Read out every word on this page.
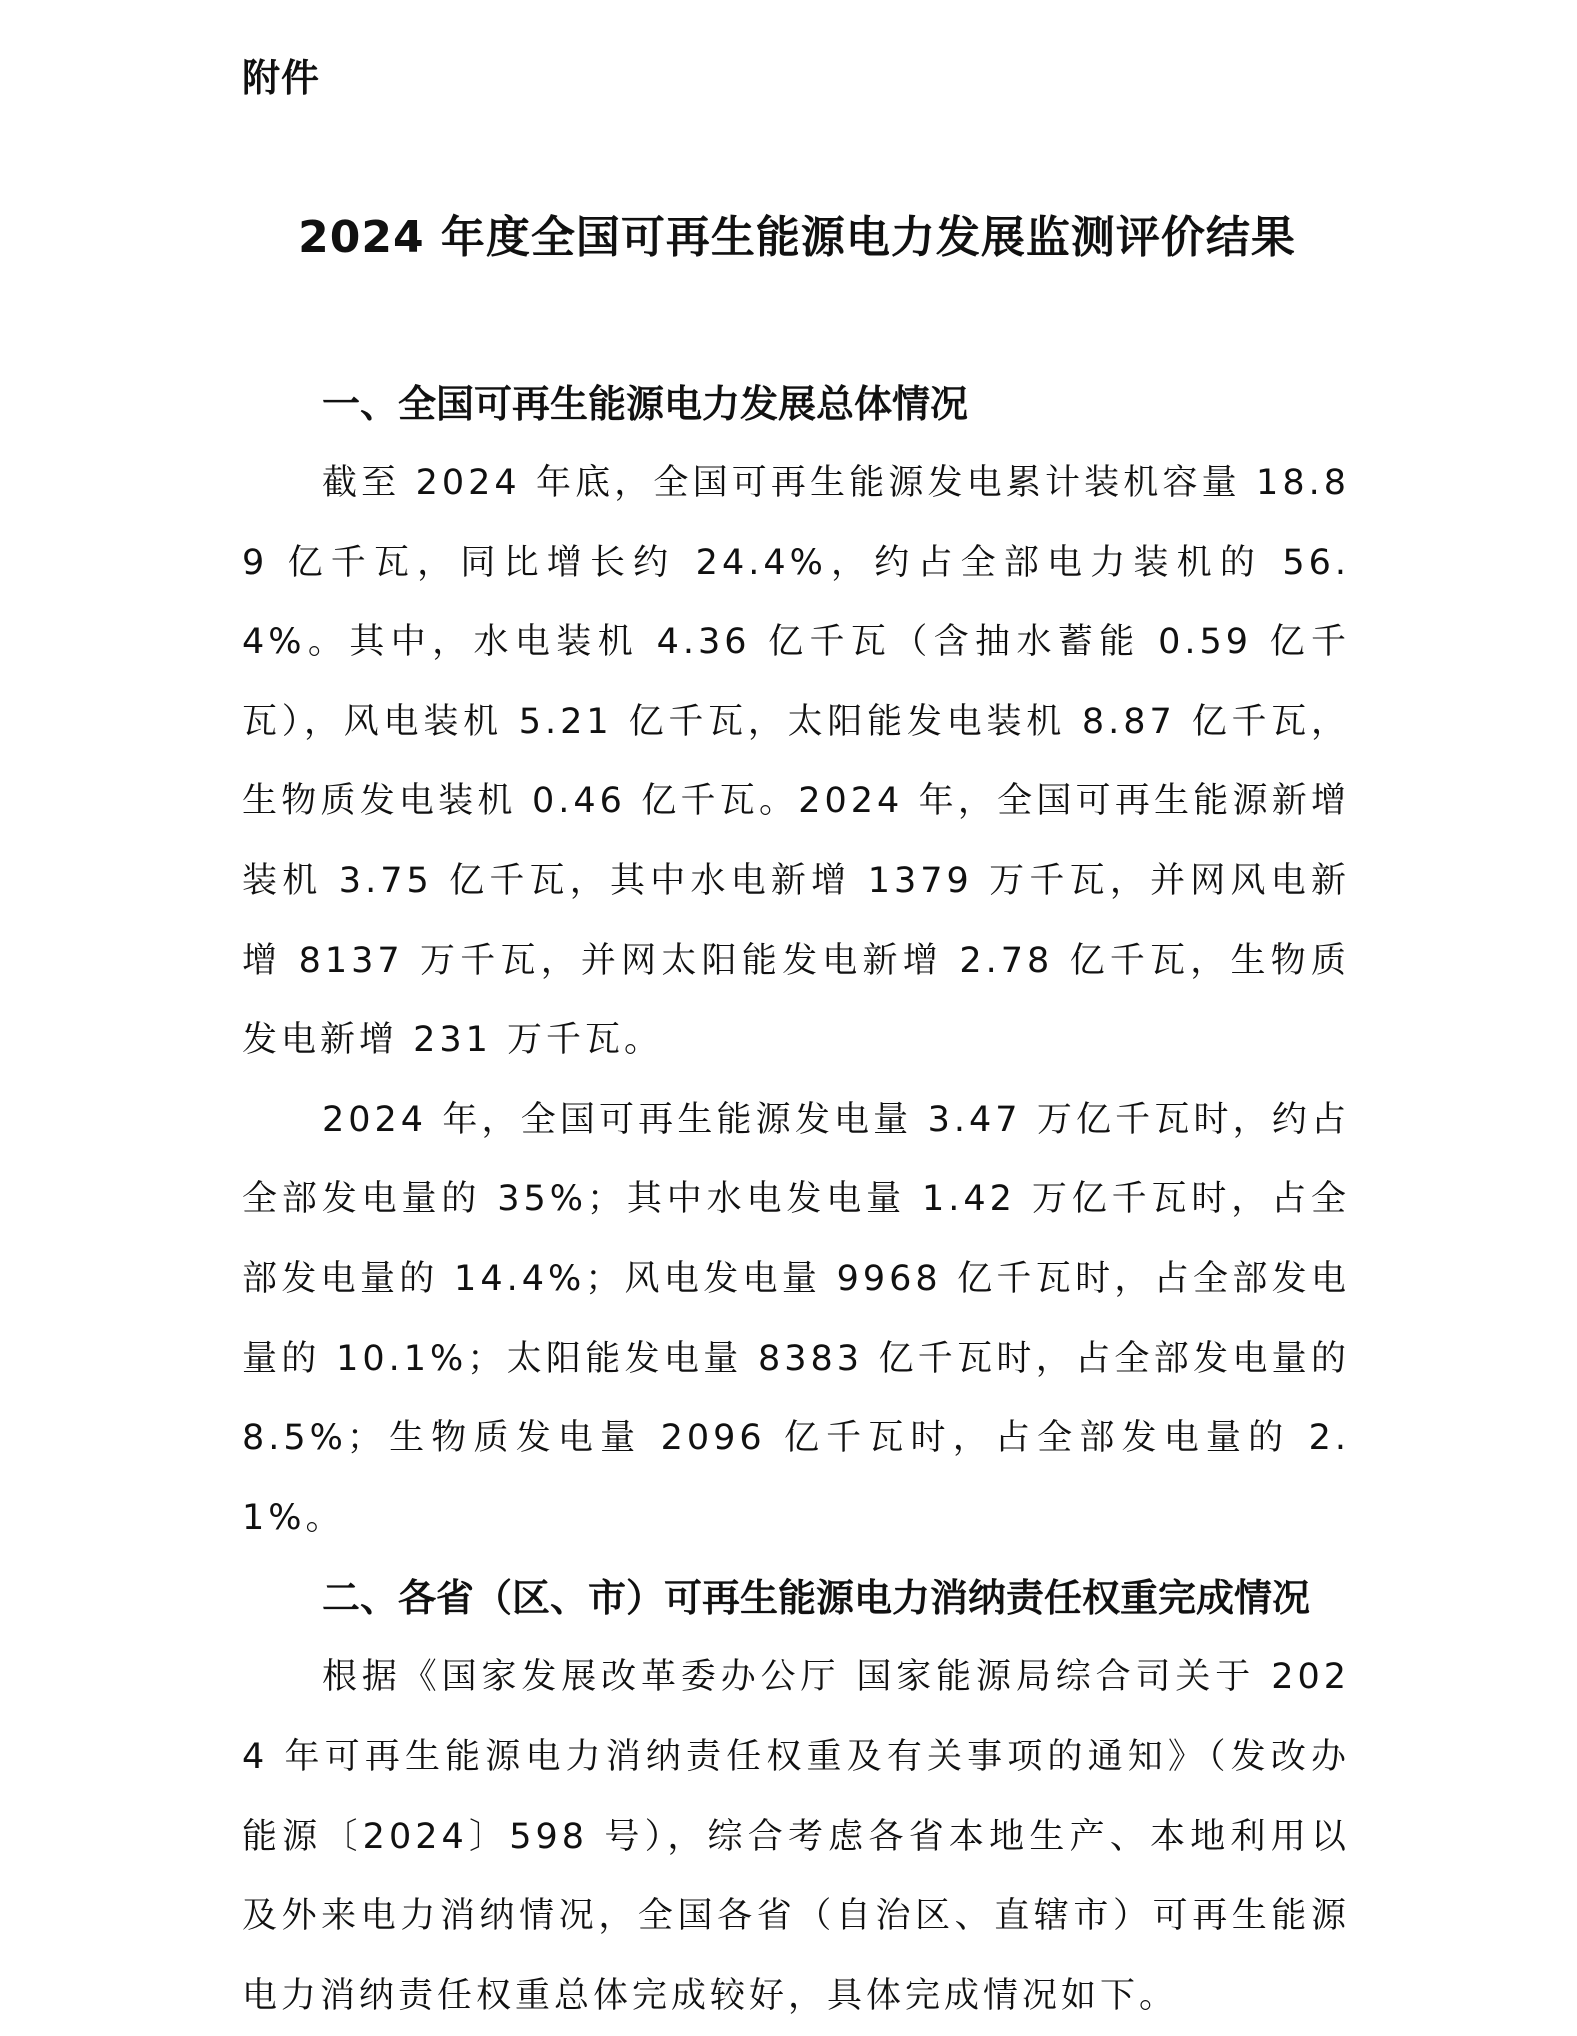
附件
2024 年度全国可再生能源电力发展监测评价结果
一、全国可再生能源电力发展总体情况

截至 2024 年底，全国可再生能源发电累计装机容量 18.89 亿千瓦，同比增长约 24.4%，约占全部电力装机的 56.4%。其中，水电装机 4.36 亿千瓦（含抽水蓄能 0.59 亿千瓦），风电装机 5.21 亿千瓦，太阳能发电装机 8.87 亿千瓦，生物质发电装机 0.46 亿千瓦。2024 年，全国可再生能源新增装机 3.75 亿千瓦，其中水电新增 1379 万千瓦，并网风电新增 8137 万千瓦，并网太阳能发电新增 2.78 亿千瓦，生物质发电新增 231 万千瓦。

2024 年，全国可再生能源发电量 3.47 万亿千瓦时，约占全部发电量的 35%；其中水电发电量 1.42 万亿千瓦时，占全部发电量的 14.4%；风电发电量 9968 亿千瓦时，占全部发电量的 10.1%；太阳能发电量 8383 亿千瓦时，占全部发电量的 8.5%；生物质发电量 2096 亿千瓦时，占全部发电量的 2.1%。

二、各省（区、市）可再生能源电力消纳责任权重完成情况

根据《国家发展改革委办公厅 国家能源局综合司关于 2024 年可再生能源电力消纳责任权重及有关事项的通知》（发改办能源〔2024〕598 号），综合考虑各省本地生产、本地利用以及外来电力消纳情况，全国各省（自治区、直辖市）可再生能源电力消纳责任权重总体完成较好，具体完成情况如下。
